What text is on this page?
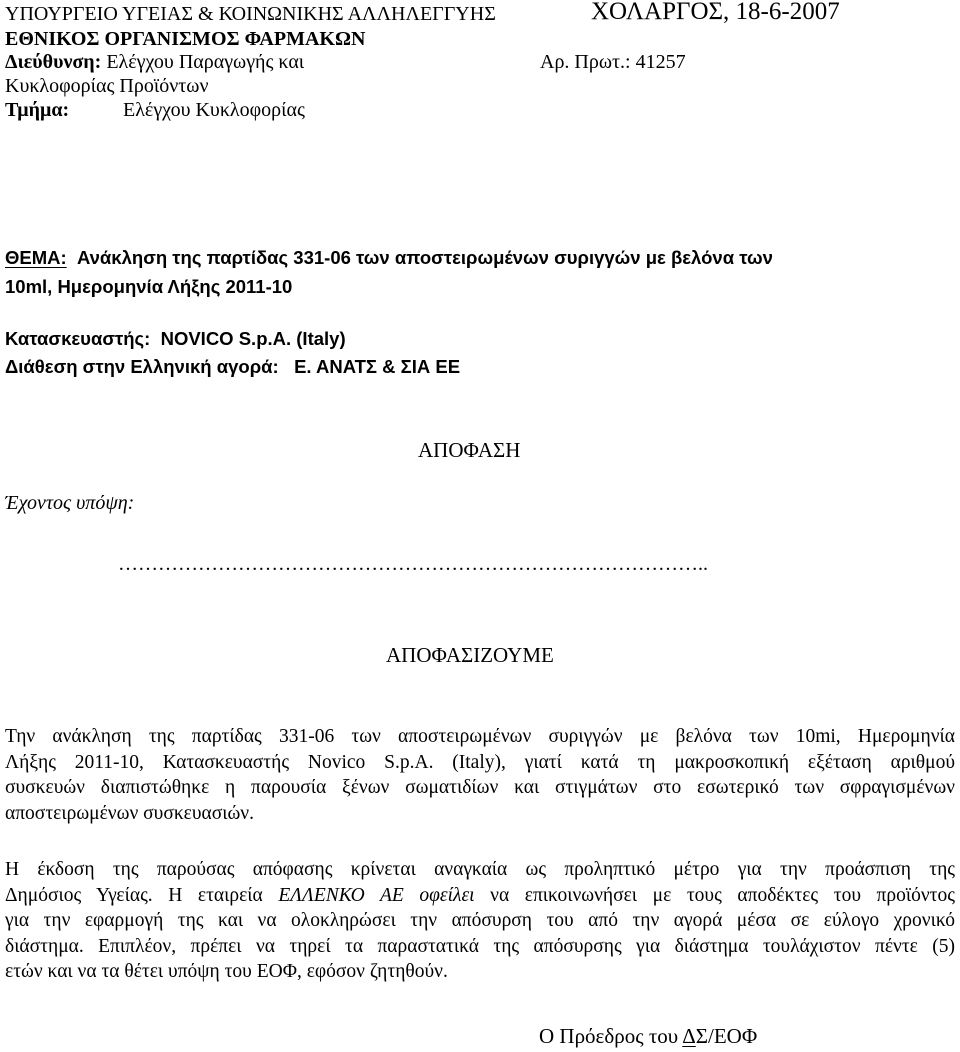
ΥΠΟΥΡΓΕΙΟ ΥΓΕΙΑΣ & ΚΟΙΝΩΝΙΚΗΣ ΑΛΛΗΛΕΓΓΥΗΣ	ΧΟΛΑΡΓΟΣ, 18-6-2007
ΕΘΝΙΚΟΣ ΟΡΓΑΝΙΣΜΟΣ ΦΑΡΜΑΚΩΝ
Διεύθυνση: Ελέγχου Παραγωγής και	Αρ. Πρωτ.: 41257
Κυκλοφορίας Προϊόντων
Τμήμα:	Ελέγχου Κυκλοφορίας
ΘΕΜΑ: Ανάκληση της παρτίδας 331-06 των αποστειρωμένων συριγγών με βελόνα των
10ml, Ημερομηνία Λήξης 2011-10
Κατασκευαστής: NOVICO S.p.A. (Italy)
Διάθεση στην Ελληνική αγορά: Ε. ΑΝΑΤΣ & ΣΙΑ ΕΕ
ΑΠΟΦΑΣΗ
Έχοντος υπόψη:
……………………………………………………………………………..
ΑΠΟΦΑΣΙΖΟΥΜΕ
Την ανάκληση της παρτίδας 331-06 των αποστειρωμένων συριγγών με βελόνα των 10mi, Ημερομηνία
Λήξης 2011-10, Κατασκευαστής Novico S.p.A. (Italy), γιατί κατά τη μακροσκοπική εξέταση αριθμού
συσκευών διαπιστώθηκε η παρουσία ξένων σωματιδίων και στιγμάτων στο εσωτερικό των σφραγισμένων
αποστειρωμένων συσκευασιών.
Η έκδοση της παρούσας απόφασης κρίνεται αναγκαία ως προληπτικό μέτρο για την προάσπιση της
Δημόσιος Υγείας. Η εταιρεία ΕΛΛΕΝΚΟ ΑΕ οφείλει να επικοινωνήσει με τους αποδέκτες του προϊόντος
για την εφαρμογή της και να ολοκληρώσει την απόσυρση του από την αγορά μέσα σε εύλογο χρονικό
διάστημα. Επιπλέον, πρέπει να τηρεί τα παραστατικά της απόσυρσης για διάστημα τουλάχιστον πέντε (5)
ετών και να τα θέτει υπόψη του ΕΟΦ, εφόσον ζητηθούν.
Ο Πρόεδρος του ΔΣ/ΕΟΦ
